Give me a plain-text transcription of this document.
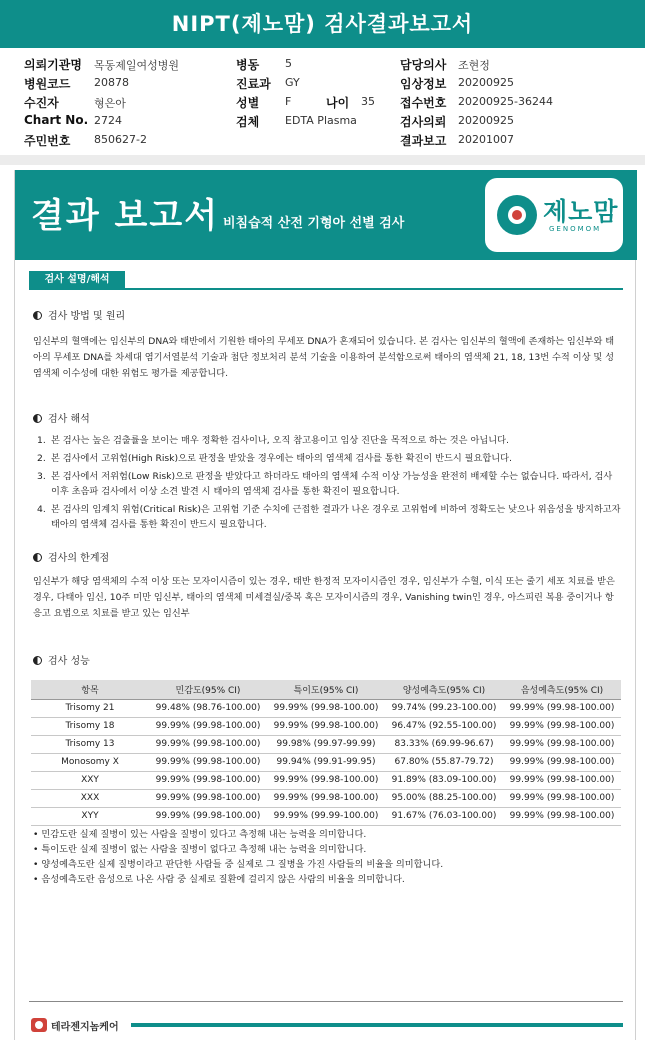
NIPT(제노맘) 검사결과보고서
의뢰기관명 목동제일여성병원	병동 5	담당의사 조현정
병원코드 20878	진료과 GY	임상정보 20200925
수진자	형은아	성별 F	나이 35 접수번호 20200925-36244
Chart No. 2724	검체 EDTA Plasma	검사의뢰 20200925
주민번호 850627-2	결과보고 20201007
결과 보고서 비침습적 산전 기형아 선별 검사	제노맘
GENOMOM
검사 설명/해석
검사 방법 및 원리
임신부의 혈액에는 임신부의 DNA와 태반에서 기원한 태아의 무세포 DNA가 혼재되어 있습니다. 본 검사는 임신부의 혈액에 존재하는 임신부와 태아의 무세포 DNA를 차세대 염기서열분석 기술과 첨단 정보처리 분석 기술을 이용하여 분석함으로써 태아의 염색체 21, 18, 13번 수적 이상 및 성염색체 이수성에 대한 위험도 평가를 제공합니다.
검사 해석
1. 본 검사는 높은 검출률을 보이는 매우 정확한 검사이나, 오직 참고용이고 임상 진단을 목적으로 하는 것은 아닙니다.
2. 본 검사에서 고위험(High Risk)으로 판정을 받았을 경우에는 태아의 염색체 검사를 통한 확진이 반드시 필요합니다.
3. 본 검사에서 저위험(Low Risk)으로 판정을 받았다고 하더라도 태아의 염색체 수적 이상 가능성을 완전히 배제할 수는 없습니다. 따라서, 검사 이후 초음파 검사에서 이상 소견 발견 시 태아의 염색체 검사를 통한 확진이 필요합니다.
4. 본 검사의 임계치 위험(Critical Risk)은 고위험 기준 수치에 근접한 결과가 나온 경우로 고위험에 비하여 정확도는 낮으나 위음성을 방지하고자 태아의 염색체 검사를 통한 확진이 반드시 필요합니다.
검사의 한계점
임신부가 해당 염색체의 수적 이상 또는 모자이시즘이 있는 경우, 태반 한정적 모자이시즘인 경우, 임신부가 수혈, 이식 또는 줄기 세포 치료를 받은 경우, 다태아 임신, 10주 미만 임신부, 태아의 염색체 미세결실/중복 혹은 모자이시즘의 경우, Vanishing twin인 경우, 아스피린 복용 중이거나 항 응고 요법으로 치료를 받고 있는 임신부
검사 성능
항목	민감도(95% CI)	특이도(95% CI)	양성예측도(95% CI)	음성예측도(95% CI)
Trisomy 21	99.48% (98.76-100.00)	99.99% (99.98-100.00)	99.74% (99.23-100.00)	99.99% (99.98-100.00)
Trisomy 18	99.99% (99.98-100.00)	99.99% (99.98-100.00)	96.47% (92.55-100.00)	99.99% (99.98-100.00)
Trisomy 13	99.99% (99.98-100.00)	99.98% (99.97-99.99)	83.33% (69.99-96.67)	99.99% (99.98-100.00)
Monosomy X	99.99% (99.98-100.00)	99.94% (99.91-99.95)	67.80% (55.87-79.72)	99.99% (99.98-100.00)
XXY	99.99% (99.98-100.00)	99.99% (99.98-100.00)	91.89% (83.09-100.00)	99.99% (99.98-100.00)
XXX	99.99% (99.98-100.00)	99.99% (99.98-100.00)	95.00% (88.25-100.00)	99.99% (99.98-100.00)
XYY	99.99% (99.98-100.00)	99.99% (99.99-100.00)	91.67% (76.03-100.00)	99.99% (99.98-100.00)
• 민감도란 실제 질병이 있는 사람을 질병이 있다고 측정해 내는 능력을 의미합니다.
• 특이도란 실제 질병이 없는 사람을 질병이 없다고 측정해 내는 능력을 의미합니다.
• 양성예측도란 실제 질병이라고 판단한 사람들 중 실제로 그 질병을 가진 사람들의 비율을 의미합니다.
• 음성예측도란 음성으로 나온 사람 중 실제로 질환에 걸리지 않은 사람의 비율을 의미합니다.
테라젠지놈케어
